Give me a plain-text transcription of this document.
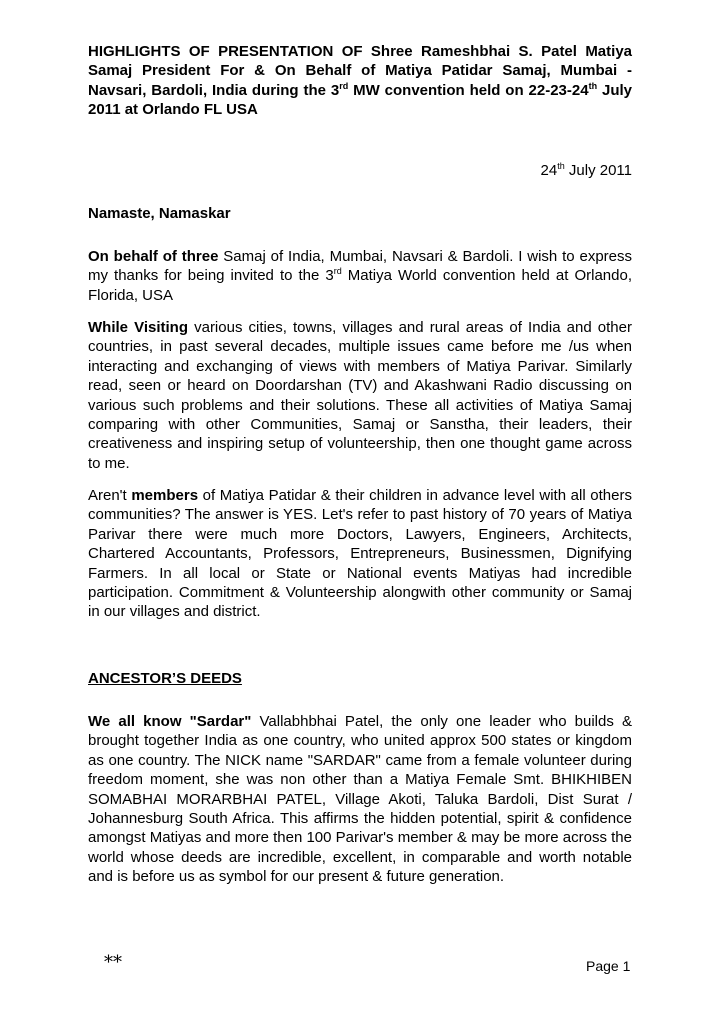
HIGHLIGHTS OF PRESENTATION OF Shree Rameshbhai S. Patel Matiya Samaj President For & On Behalf of Matiya Patidar Samaj, Mumbai - Navsari, Bardoli, India during the 3rd MW convention held on 22-23-24th July 2011 at Orlando FL USA

24th July 2011

Namaste, Namaskar

On behalf of three Samaj of India, Mumbai, Navsari & Bardoli. I wish to express my thanks for being invited to the 3rd Matiya World convention held at Orlando, Florida, USA

While Visiting various cities, towns, villages and rural areas of India and other countries, in past several decades, multiple issues came before me /us when interacting and exchanging of views with members of Matiya Parivar. Similarly read, seen or heard on Doordarshan (TV) and Akashwani Radio discussing on various such problems and their solutions. These all activities of Matiya Samaj comparing with other Communities, Samaj or Sanstha, their leaders, their creativeness and inspiring setup of volunteership, then one thought game across to me.

Aren't members of Matiya Patidar & their children in advance level with all others communities? The answer is YES. Let's refer to past history of 70 years of Matiya Parivar there were much more Doctors, Lawyers, Engineers, Architects, Chartered Accountants, Professors, Entrepreneurs, Businessmen, Dignifying Farmers. In all local or State or National events Matiyas had incredible participation. Commitment & Volunteership alongwith other community or Samaj in our villages and district.

ANCESTOR’S DEEDS

We all know "Sardar" Vallabhbhai Patel, the only one leader who builds & brought together India as one country, who united approx 500 states or kingdom as one country. The NICK name "SARDAR" came from a female volunteer during freedom moment, she was non other than a Matiya Female Smt. BHIKHIBEN SOMABHAI MORARBHAI PATEL, Village Akoti, Taluka Bardoli, Dist Surat / Johannesburg South Africa. This affirms the hidden potential, spirit & confidence amongst Matiyas and more then 100 Parivar's member & may be more across the world whose deeds are incredible, excellent, in comparable and worth notable and is before us as symbol for our present & future generation.

**	Page 1
